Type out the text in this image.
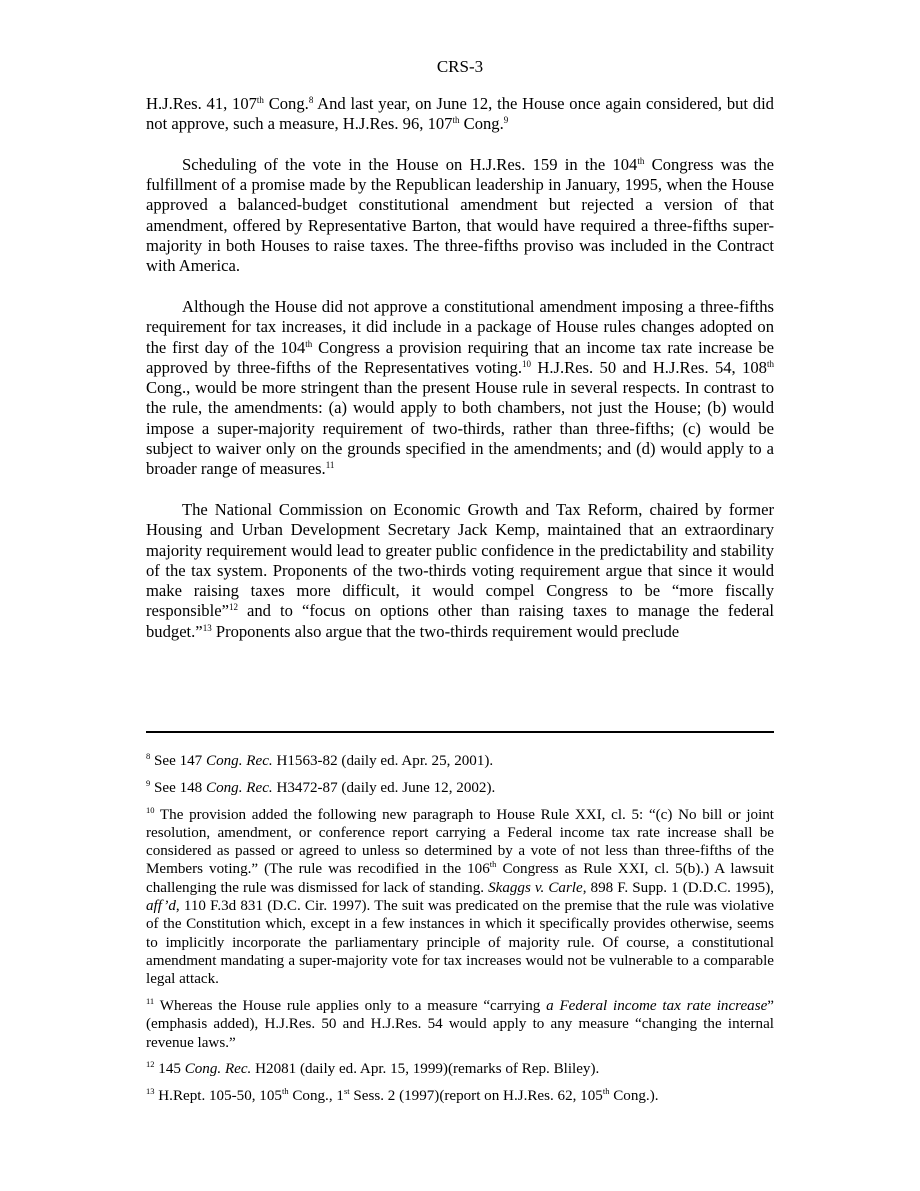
CRS-3

H.J.Res. 41, 107th Cong.$^8$ And last year, on June 12, the House once again considered, but did not approve, such a measure, H.J.Res. 96, 107th Cong.$^9$

Scheduling of the vote in the House on H.J.Res. 159 in the 104th Congress was the fulfillment of a promise made by the Republican leadership in January, 1995, when the House approved a balanced-budget constitutional amendment but rejected a version of that amendment, offered by Representative Barton, that would have required a three-fifths super-majority in both Houses to raise taxes. The three-fifths proviso was included in the Contract with America.

Although the House did not approve a constitutional amendment imposing a three-fifths requirement for tax increases, it did include in a package of House rules changes adopted on the first day of the 104th Congress a provision requiring that an income tax rate increase be approved by three-fifths of the Representatives voting.$^{10}$ H.J.Res. 50 and H.J.Res. 54, 108th Cong., would be more stringent than the present House rule in several respects. In contrast to the rule, the amendments: (a) would apply to both chambers, not just the House; (b) would impose a super-majority requirement of two-thirds, rather than three-fifths; (c) would be subject to waiver only on the grounds specified in the amendments; and (d) would apply to a broader range of measures.$^{11}$

The National Commission on Economic Growth and Tax Reform, chaired by former Housing and Urban Development Secretary Jack Kemp, maintained that an extraordinary majority requirement would lead to greater public confidence in the predictability and stability of the tax system. Proponents of the two-thirds voting requirement argue that since it would make raising taxes more difficult, it would compel Congress to be “more fiscally responsible”$^{12}$ and to “focus on options other than raising taxes to manage the federal budget.”$^{13}$ Proponents also argue that the two-thirds requirement would preclude

$^8$ See 147 Cong. Rec. H1563-82 (daily ed. Apr. 25, 2001).
$^9$ See 148 Cong. Rec. H3472-87 (daily ed. June 12, 2002).
$^{10}$ The provision added the following new paragraph to House Rule XXI, cl. 5: “(c) No bill or joint resolution, amendment, or conference report carrying a Federal income tax rate increase shall be considered as passed or agreed to unless so determined by a vote of not less than three-fifths of the Members voting.” (The rule was recodified in the 106th Congress as Rule XXI, cl. 5(b).) A lawsuit challenging the rule was dismissed for lack of standing. Skaggs v. Carle, 898 F. Supp. 1 (D.D.C. 1995), aff’d, 110 F.3d 831 (D.C. Cir. 1997). The suit was predicated on the premise that the rule was violative of the Constitution which, except in a few instances in which it specifically provides otherwise, seems to implicitly incorporate the parliamentary principle of majority rule. Of course, a constitutional amendment mandating a super-majority vote for tax increases would not be vulnerable to a comparable legal attack.
$^{11}$ Whereas the House rule applies only to a measure “carrying a Federal income tax rate increase” (emphasis added), H.J.Res. 50 and H.J.Res. 54 would apply to any measure “changing the internal revenue laws.”
$^{12}$ 145 Cong. Rec. H2081 (daily ed. Apr. 15, 1999)(remarks of Rep. Bliley).
$^{13}$ H.Rept. 105-50, 105th Cong., 1st Sess. 2 (1997)(report on H.J.Res. 62, 105th Cong.).
